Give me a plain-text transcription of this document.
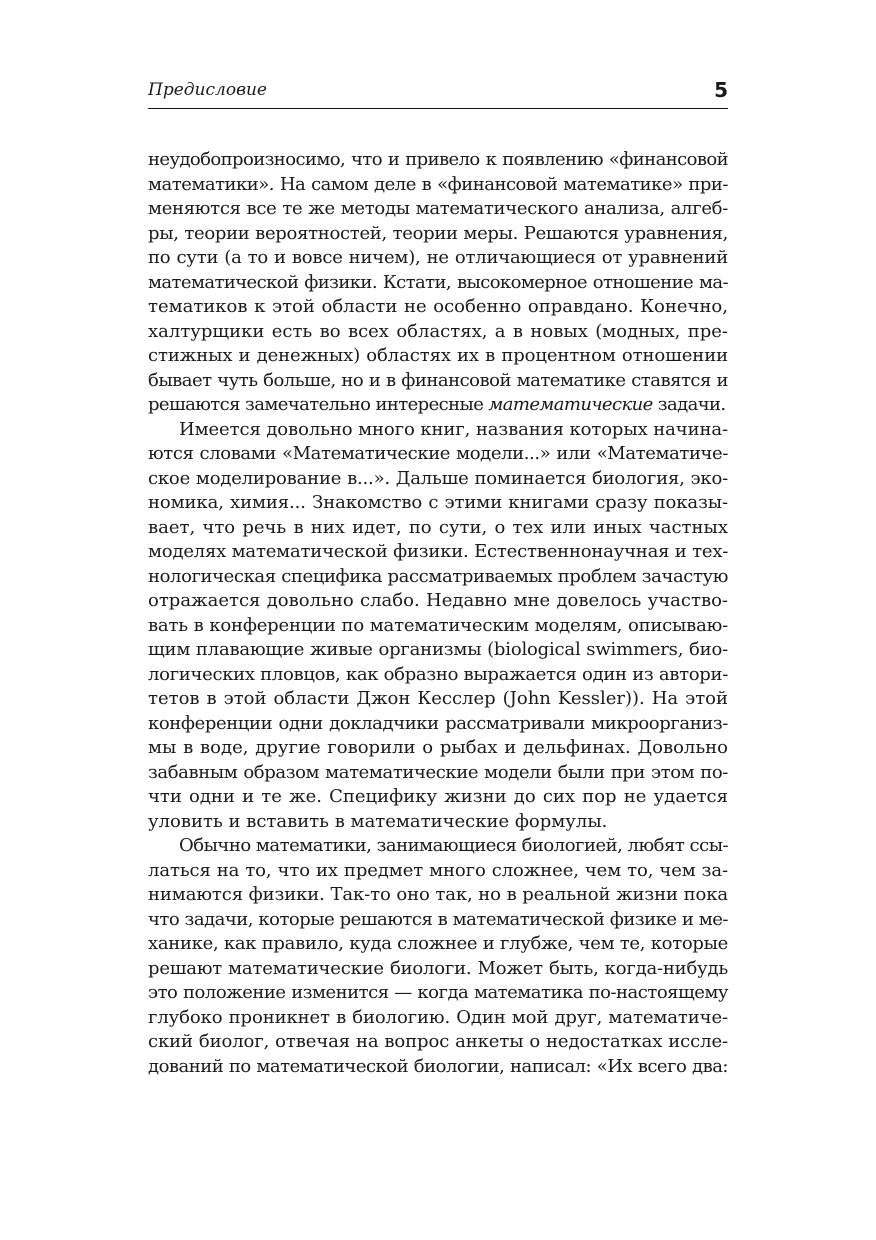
Предисловие	5
неудобопроизносимо, что и привело к появлению «финансовой
математики». На самом деле в «финансовой математике» при-
меняются все те же методы математического анализа, алгеб-
ры, теории вероятностей, теории меры. Решаются уравнения,
по сути (а то и вовсе ничем), не отличающиеся от уравнений
математической физики. Кстати, высокомерное отношение ма-
тематиков к этой области не особенно оправдано. Конечно,
халтурщики есть во всех областях, а в новых (модных, пре-
стижных и денежных) областях их в процентном отношении
бывает чуть больше, но и в финансовой математике ставятся и
решаются замечательно интересные математические задачи.
Имеется довольно много книг, названия которых начина-
ются словами «Математические модели...» или «Математиче-
ское моделирование в...». Дальше поминается биология, эко-
номика, химия... Знакомство с этими книгами сразу показы-
вает, что речь в них идет, по сути, о тех или иных частных
моделях математической физики. Естественнонаучная и тех-
нологическая специфика рассматриваемых проблем зачастую
отражается довольно слабо. Недавно мне довелось участво-
вать в конференции по математическим моделям, описываю-
щим плавающие живые организмы (biological swimmers, био-
логических пловцов, как образно выражается один из автори-
тетов в этой области Джон Кесслер (John Kessler)). На этой
конференции одни докладчики рассматривали микроорганиз-
мы в воде, другие говорили о рыбах и дельфинах. Довольно
забавным образом математические модели были при этом по-
чти одни и те же. Специфику жизни до сих пор не удается
уловить и вставить в математические формулы.
Обычно математики, занимающиеся биологией, любят ссы-
латься на то, что их предмет много сложнее, чем то, чем за-
нимаются физики. Так-то оно так, но в реальной жизни пока
что задачи, которые решаются в математической физике и ме-
ханике, как правило, куда сложнее и глубже, чем те, которые
решают математические биологи. Может быть, когда-нибудь
это положение изменится — когда математика по-настоящему
глубоко проникнет в биологию. Один мой друг, математиче-
ский биолог, отвечая на вопрос анкеты о недостатках иссле-
дований по математической биологии, написал: «Их всего два:
